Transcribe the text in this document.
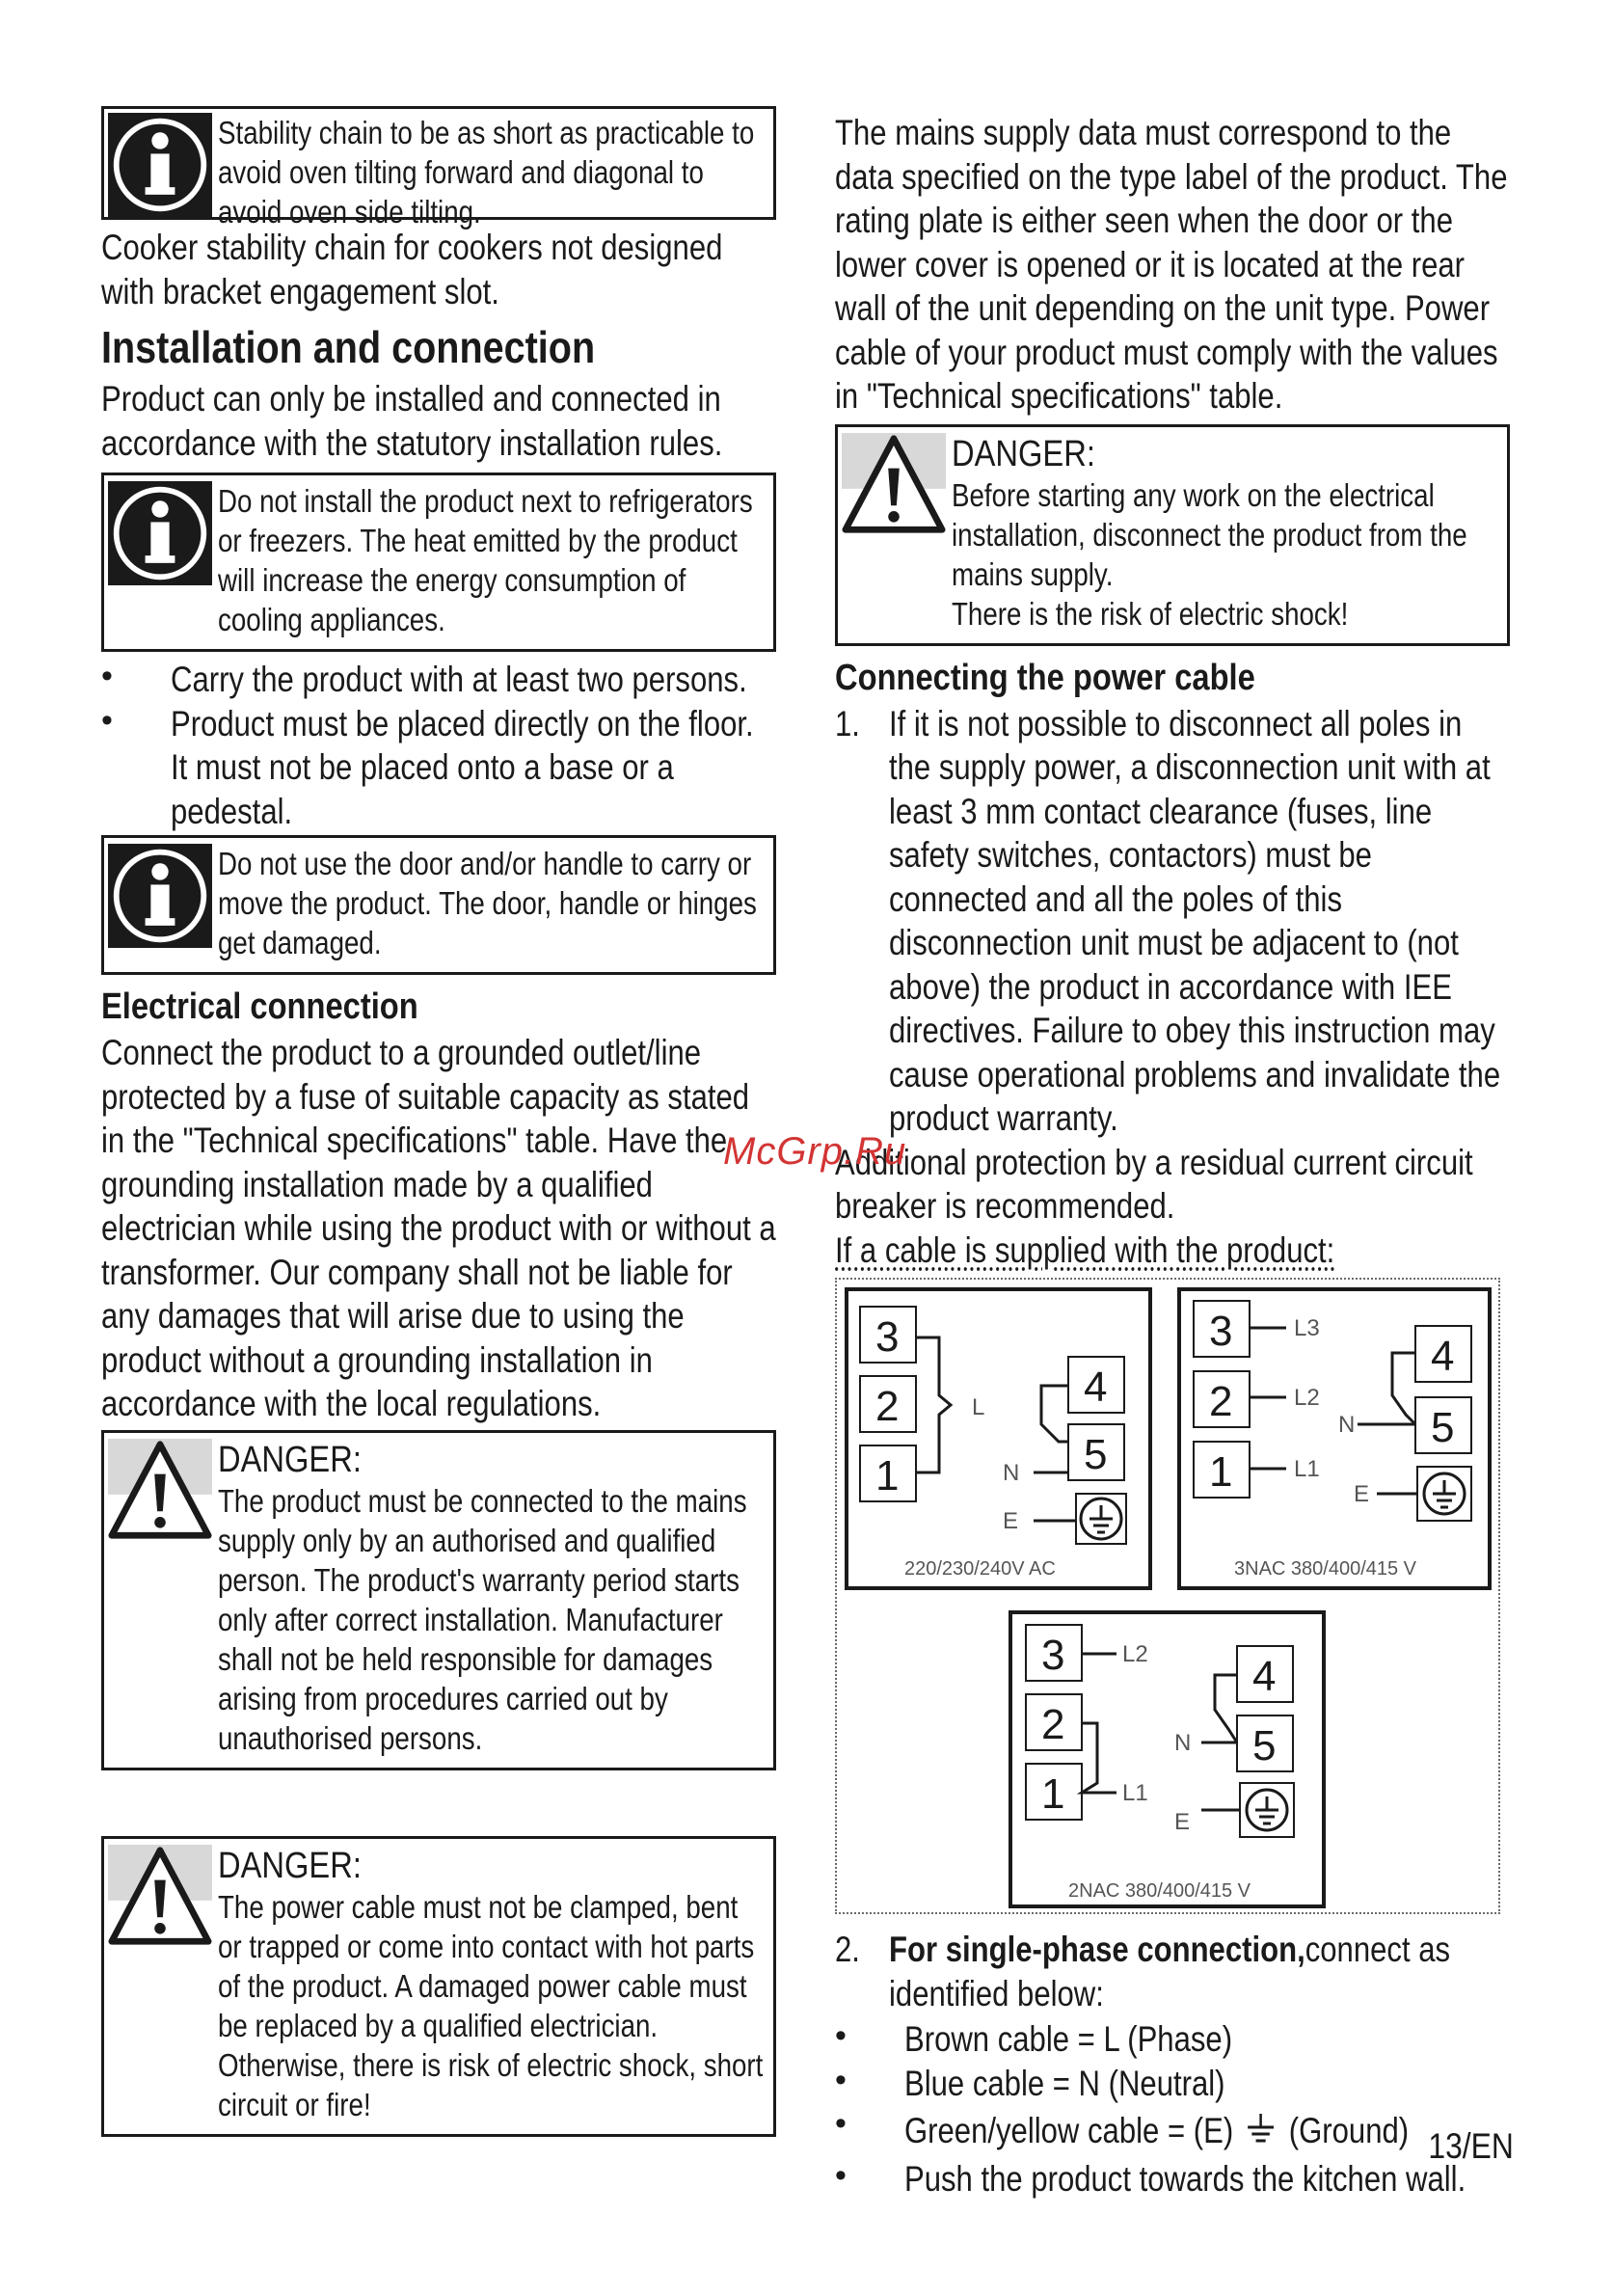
Stability chain to be as short as practicable to avoid oven tilting forward and diagonal to avoid oven side tilting.

Cooker stability chain for cookers not designed with bracket engagement slot.

Installation and connection

Product can only be installed and connected in accordance with the statutory installation rules.

Do not install the product next to refrigerators or freezers. The heat emitted by the product will increase the energy consumption of cooling appliances.

• Carry the product with at least two persons.

• Product must be placed directly on the floor. It must not be placed onto a base or a pedestal.

Do not use the door and/or handle to carry or move the product. The door, handle or hinges get damaged.

Electrical connection

Connect the product to a grounded outlet/line protected by a fuse of suitable capacity as stated in the "Technical specifications" table. Have the grounding installation made by a qualified electrician while using the product with or without a transformer. Our company shall not be liable for any damages that will arise due to using the product without a grounding installation in accordance with the local regulations.

DANGER:

The product must be connected to the mains supply only by an authorised and qualified person. The product's warranty period starts only after correct installation. Manufacturer shall not be held responsible for damages arising from procedures carried out by unauthorised persons.

DANGER:

The power cable must not be clamped, bent or trapped or come into contact with hot parts of the product. A damaged power cable must be replaced by a qualified electrician. Otherwise, there is risk of electric shock, short circuit or fire!

The mains supply data must correspond to the data specified on the type label of the product. The rating plate is either seen when the door or the lower cover is opened or it is located at the rear wall of the unit depending on the unit type. Power cable of your product must comply with the values in "Technical specifications" table.

DANGER:

Before starting any work on the electrical installation, disconnect the product from the mains supply.

There is the risk of electric shock!

Connecting the power cable
1. If it is not possible to disconnect all poles in the supply power, a disconnection unit with at least 3 mm contact clearance (fuses, line safety switches, contactors) must be connected and all the poles of this disconnection unit must be adjacent to (not above) the product in accordance with IEE directives. Failure to obey this instruction may cause operational problems and invalidate the product warranty.

Additional protection by a residual current circuit breaker is recommended.

If a cable is supplied with the product:

3
2
1
4
5
3
2
1
4
5
3
2
1
4
5
L
N
E
L3
L2
L1
N
E
L2
L1
N
E
220/230/240V AC	3NAC 380/400/415 V
2NAC 380/400/415 V
2. For single-phase connection,connect as identified below:

• Brown cable = L (Phase)

• Blue cable = N (Neutral)

• Green/yellow cable = (E) (Ground)

• Push the product towards the kitchen wall.

McGrp.Ru
13/EN
